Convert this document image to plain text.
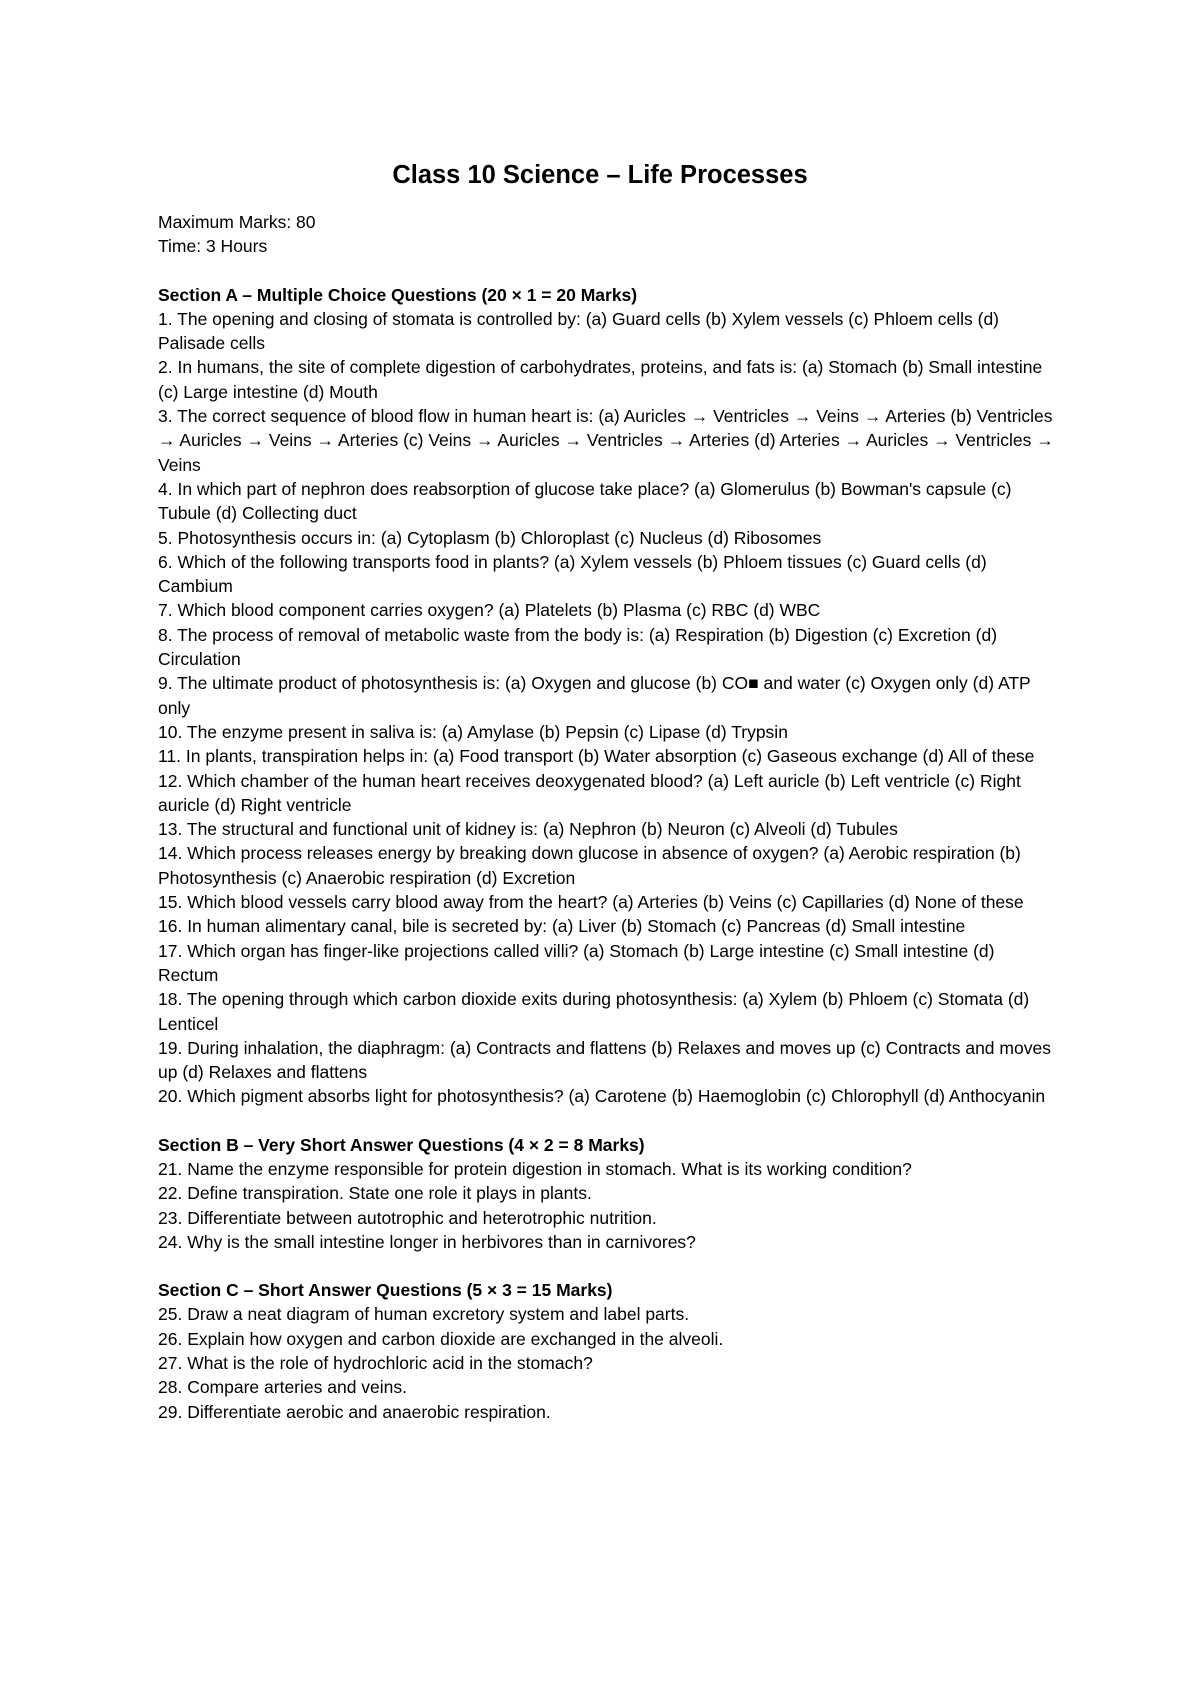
Class 10 Science – Life Processes

Maximum Marks: 80

Time: 3 Hours

Section A – Multiple Choice Questions (20 × 1 = 20 Marks)

1. The opening and closing of stomata is controlled by: (a) Guard cells (b) Xylem vessels (c) Phloem cells (d) Palisade cells

2. In humans, the site of complete digestion of carbohydrates, proteins, and fats is: (a) Stomach (b) Small intestine (c) Large intestine (d) Mouth

3. The correct sequence of blood flow in human heart is: (a) Auricles → Ventricles → Veins → Arteries (b) Ventricles → Auricles → Veins → Arteries (c) Veins → Auricles → Ventricles → Arteries (d) Arteries → Auricles → Ventricles → Veins

4. In which part of nephron does reabsorption of glucose take place? (a) Glomerulus (b) Bowman's capsule (c) Tubule (d) Collecting duct

5. Photosynthesis occurs in: (a) Cytoplasm (b) Chloroplast (c) Nucleus (d) Ribosomes

6. Which of the following transports food in plants? (a) Xylem vessels (b) Phloem tissues (c) Guard cells (d) Cambium

7. Which blood component carries oxygen? (a) Platelets (b) Plasma (c) RBC (d) WBC

8. The process of removal of metabolic waste from the body is: (a) Respiration (b) Digestion (c) Excretion (d) Circulation

9. The ultimate product of photosynthesis is: (a) Oxygen and glucose (b) CO■ and water (c) Oxygen only (d) ATP only

10. The enzyme present in saliva is: (a) Amylase (b) Pepsin (c) Lipase (d) Trypsin

11. In plants, transpiration helps in: (a) Food transport (b) Water absorption (c) Gaseous exchange (d) All of these

12. Which chamber of the human heart receives deoxygenated blood? (a) Left auricle (b) Left ventricle (c) Right auricle (d) Right ventricle

13. The structural and functional unit of kidney is: (a) Nephron (b) Neuron (c) Alveoli (d) Tubules

14. Which process releases energy by breaking down glucose in absence of oxygen? (a) Aerobic respiration (b) Photosynthesis (c) Anaerobic respiration (d) Excretion

15. Which blood vessels carry blood away from the heart? (a) Arteries (b) Veins (c) Capillaries (d) None of these

16. In human alimentary canal, bile is secreted by: (a) Liver (b) Stomach (c) Pancreas (d) Small intestine

17. Which organ has finger-like projections called villi? (a) Stomach (b) Large intestine (c) Small intestine (d) Rectum

18. The opening through which carbon dioxide exits during photosynthesis: (a) Xylem (b) Phloem (c) Stomata (d) Lenticel

19. During inhalation, the diaphragm: (a) Contracts and flattens (b) Relaxes and moves up (c) Contracts and moves up (d) Relaxes and flattens

20. Which pigment absorbs light for photosynthesis? (a) Carotene (b) Haemoglobin (c) Chlorophyll (d) Anthocyanin

Section B – Very Short Answer Questions (4 × 2 = 8 Marks)

21. Name the enzyme responsible for protein digestion in stomach. What is its working condition?

22. Define transpiration. State one role it plays in plants.

23. Differentiate between autotrophic and heterotrophic nutrition.

24. Why is the small intestine longer in herbivores than in carnivores?

Section C – Short Answer Questions (5 × 3 = 15 Marks)

25. Draw a neat diagram of human excretory system and label parts.

26. Explain how oxygen and carbon dioxide are exchanged in the alveoli.

27. What is the role of hydrochloric acid in the stomach?

28. Compare arteries and veins.

29. Differentiate aerobic and anaerobic respiration.
